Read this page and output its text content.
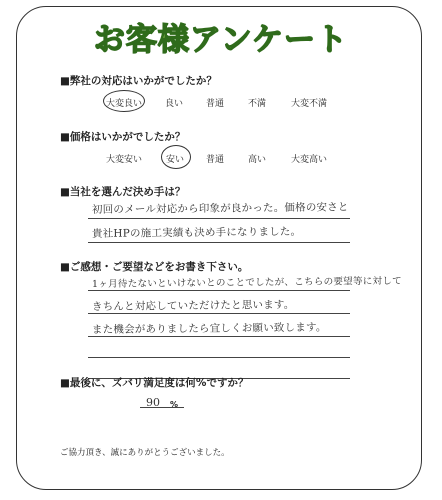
お客様アンケート
■弊社の対応はいかがでしたか？
大変良い	良い	普通	不満	大変不満
■価格はいかがでしたか？
大変安い	安い 普通	高い	大変高い
■当社を選んだ決め手は？
初回のメール対応から印象が良かった。価格の安さと
貴社HPの施工実績も決め手になりました。
■ご感想・ご要望などをお書き下さい。
1ヶ月待たないといけないとのことでしたが、こちらの要望等に対して
きちんと対応していただけたと思います。
また機会がありましたら宜しくお願い致します。
■最後に、ズバリ満足度は何%ですか？
90 %
ご協力頂き、誠にありがとうございました。
